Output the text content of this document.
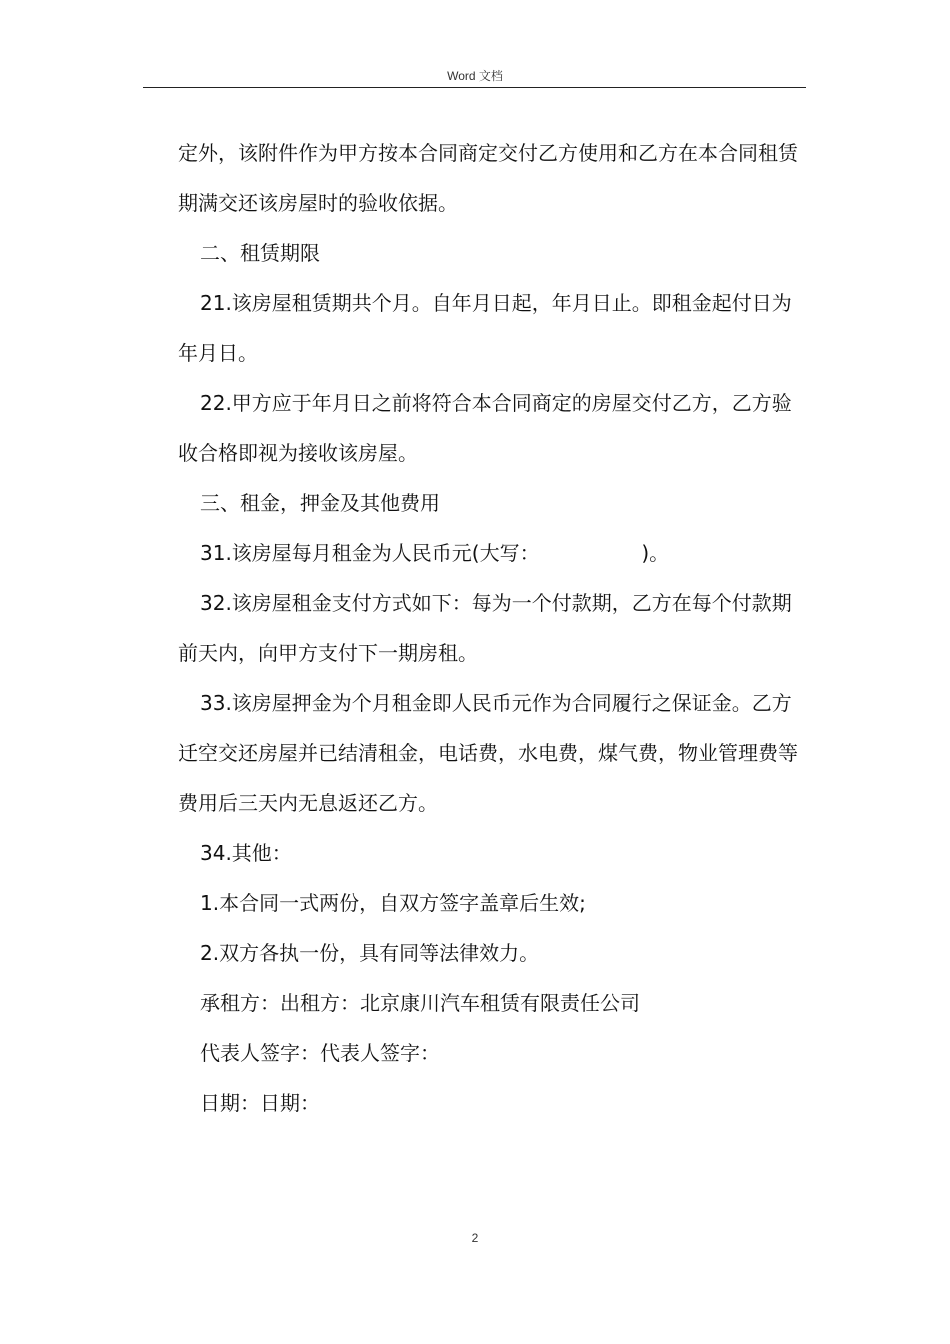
Word 文档

定外，该附件作为甲方按本合同商定交付乙方使用和乙方在本合同租赁期满交还该房屋时的验收依据。

二、租赁期限

21.该房屋租赁期共个月。自年月日起，年月日止。即租金起付日为年月日。

22.甲方应于年月日之前将符合本合同商定的房屋交付乙方，乙方验收合格即视为接收该房屋。

三、租金，押金及其他费用

31.该房屋每月租金为人民币元(大写：                )。

32.该房屋租金支付方式如下：每为一个付款期，乙方在每个付款期前天内，向甲方支付下一期房租。

33.该房屋押金为个月租金即人民币元作为合同履行之保证金。乙方迁空交还房屋并已结清租金，电话费，水电费，煤气费，物业管理费等费用后三天内无息返还乙方。

34.其他：

1.本合同一式两份，自双方签字盖章后生效;

2.双方各执一份，具有同等法律效力。

承租方：出租方：北京康川汽车租赁有限责任公司

代表人签字：代表人签字：

日期：日期：

2
